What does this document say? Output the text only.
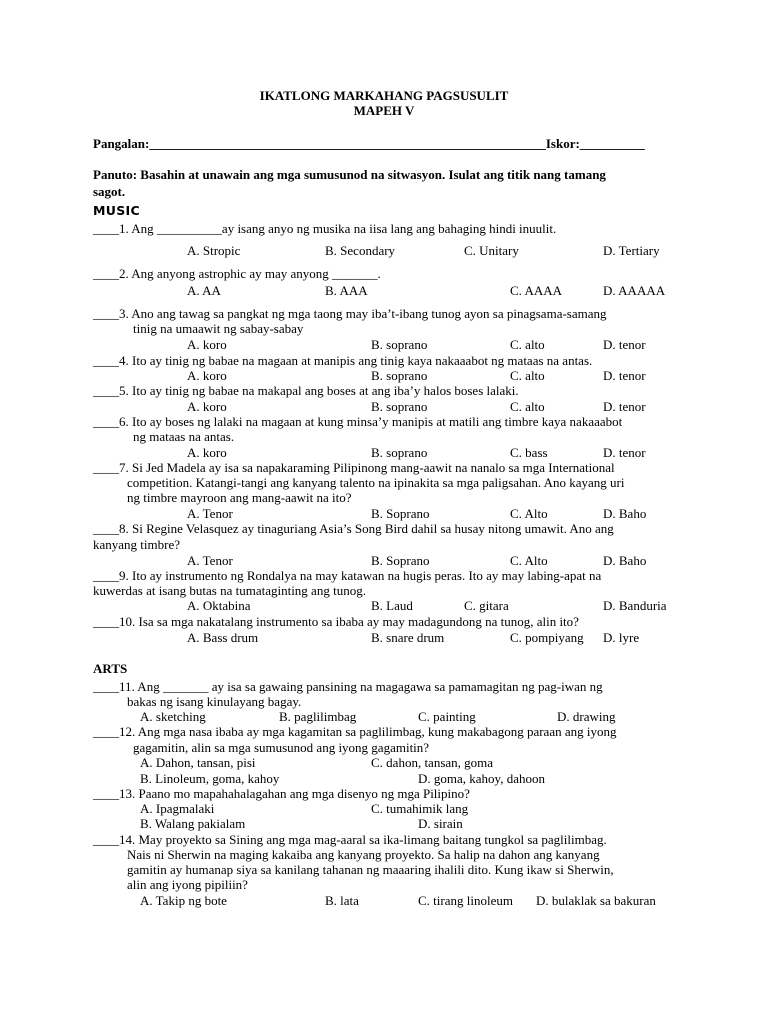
IKATLONG MARKAHANG PAGSUSULIT
MAPEH V
Pangalan:_____________________________________________________________Iskor:__________
Panuto: Basahin at unawain ang mga sumusunod na sitwasyon. Isulat ang titik nang tamang
sagot.
MUSIC
____1. Ang __________ay isang anyo ng musika na iisa lang ang bahaging hindi inuulit.
A. Stropic	B. Secondary	C. Unitary	D. Tertiary
____2. Ang anyong astrophic ay may anyong _______.
A. AA	B. AAA	C. AAAA	D. AAAAA
____3. Ano ang tawag sa pangkat ng mga taong may iba’t-ibang tunog ayon sa pinagsama-samang
tinig na umaawit ng sabay-sabay
A. koro	B. soprano	C. alto	D. tenor
____4. Ito ay tinig ng babae na magaan at manipis ang tinig kaya nakaaabot ng mataas na antas.
A. koro	B. soprano	C. alto	D. tenor
____5. Ito ay tinig ng babae na makapal ang boses at ang iba’y halos boses lalaki.
A. koro	B. soprano	C. alto	D. tenor
____6. Ito ay boses ng lalaki na magaan at kung minsa’y manipis at matili ang timbre kaya nakaaabot
ng mataas na antas.
A. koro	B. soprano	C. bass	D. tenor
____7. Si Jed Madela ay isa sa napakaraming Pilipinong mang-aawit na nanalo sa mga International
competition. Katangi-tangi ang kanyang talento na ipinakita sa mga paligsahan. Ano kayang uri
ng timbre mayroon ang mang-aawit na ito?
A. Tenor	B. Soprano	C. Alto	D. Baho
____8. Si Regine Velasquez ay tinaguriang Asia’s Song Bird dahil sa husay nitong umawit. Ano ang
kanyang timbre?
A. Tenor	B. Soprano	C. Alto	D. Baho
____9. Ito ay instrumento ng Rondalya na may katawan na hugis peras. Ito ay may labing-apat na
kuwerdas at isang butas na tumataginting ang tunog.
A. Oktabina	B. Laud	C. gitara	D. Banduria
____10. Isa sa mga nakatalang instrumento sa ibaba ay may madagundong na tunog, alin ito?
A. Bass drum	B. snare drum	C. pompiyang D. lyre
ARTS
____11. Ang _______ ay isa sa gawaing pansining na magagawa sa pamamagitan ng pag-iwan ng
bakas ng isang kinulayang bagay.
A. sketching	B. paglilimbag	C. painting	D. drawing
____12. Ang mga nasa ibaba ay mga kagamitan sa paglilimbag, kung makabagong paraan ang iyong
gagamitin, alin sa mga sumusunod ang iyong gagamitin?
A. Dahon, tansan, pisi	C. dahon, tansan, goma
B. Linoleum, goma, kahoy	D. goma, kahoy, dahoon
____13. Paano mo mapahahalagahan ang mga disenyo ng mga Pilipino?
A. Ipagmalaki	C. tumahimik lang
B. Walang pakialam	D. sirain
____14. May proyekto sa Sining ang mga mag-aaral sa ika-limang baitang tungkol sa paglilimbag.
Nais ni Sherwin na maging kakaiba ang kanyang proyekto. Sa halip na dahon ang kanyang
gamitin ay humanap siya sa kanilang tahanan ng maaaring ihalili dito. Kung ikaw si Sherwin,
alin ang iyong pipiliin?
A. Takip ng bote	B. lata	C. tirang linoleum D. bulaklak sa bakuran
